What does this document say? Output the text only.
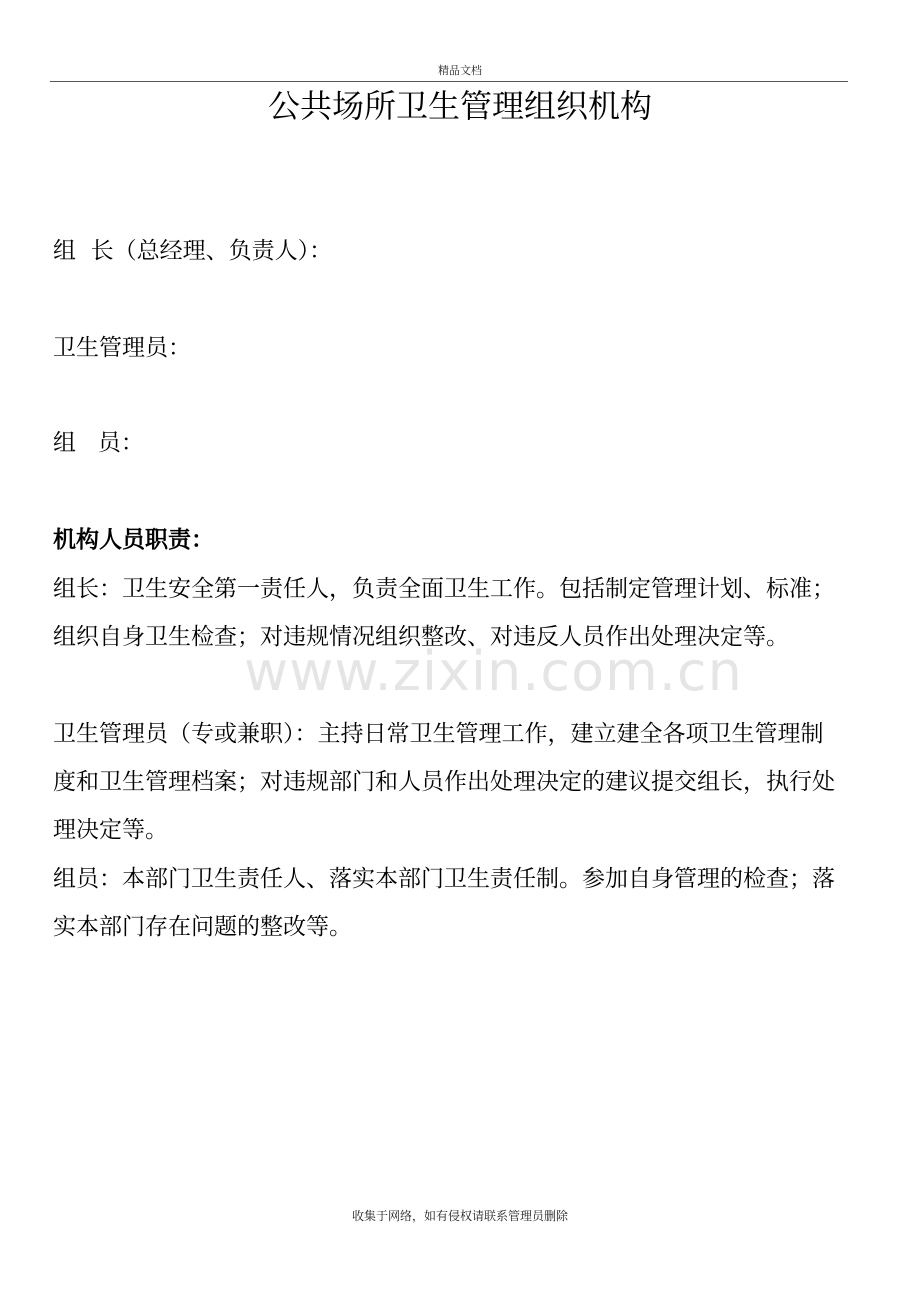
精品文档
公共场所卫生管理组织机构
组  长（总经理、负责人）：
卫生管理员：
组   员：
机构人员职责：
组长： 卫生安全第一责任人，负责全面卫生工作。包括制定管理计划、标准；组织自身卫生检查；对违规情况组织整改、对违反人员作出处理决定等。
卫生管理员（专或兼职）： 主持日常卫生管理工作，建立建全各项卫生管理制度和卫生管理档案；对违规部门和人员作出处理决定的建议提交组长，执行处理决定等。
组员： 本部门卫生责任人、落实本部门卫生责任制。参加自身管理的检查；落实本部门存在问题的整改等。
www.zixin.com.cn
收集于网络，如有侵权请联系管理员删除
